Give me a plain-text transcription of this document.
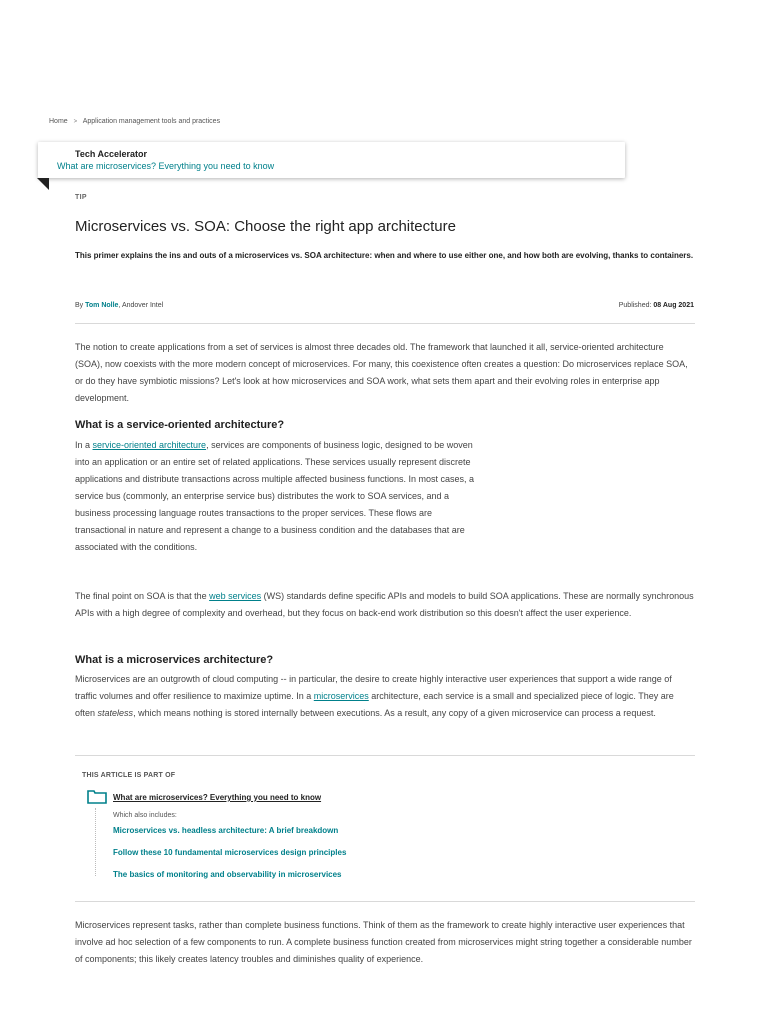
Home > Application management tools and practices
Tech Accelerator
What are microservices? Everything you need to know
TIP
Microservices vs. SOA: Choose the right app architecture
This primer explains the ins and outs of a microservices vs. SOA architecture: when and where to use either one, and how both are evolving, thanks to containers.
By Tom Nolle, Andover Intel	Published: 08 Aug 2021

The notion to create applications from a set of services is almost three decades old. The framework that launched it all, service-oriented architecture (SOA), now coexists with the more modern concept of microservices. For many, this coexistence often creates a question: Do microservices replace SOA, or do they have symbiotic missions? Let's look at how microservices and SOA work, what sets them apart and their evolving roles in enterprise app development.

What is a service-oriented architecture?

In a service-oriented architecture, services are components of business logic, designed to be woven into an application or an entire set of related applications. These services usually represent discrete applications and distribute transactions across multiple affected business functions. In most cases, a service bus (commonly, an enterprise service bus) distributes the work to SOA services, and a business processing language routes transactions to the proper services. These flows are transactional in nature and represent a change to a business condition and the databases that are associated with the conditions.

The final point on SOA is that the web services (WS) standards define specific APIs and models to build SOA applications. These are normally synchronous APIs with a high degree of complexity and overhead, but they focus on back-end work distribution so this doesn't affect the user experience.

What is a microservices architecture?

Microservices are an outgrowth of cloud computing -- in particular, the desire to create highly interactive user experiences that support a wide range of traffic volumes and offer resilience to maximize uptime. In a microservices architecture, each service is a small and specialized piece of logic. They are often stateless, which means nothing is stored internally between executions. As a result, any copy of a given microservice can process a request.

THIS ARTICLE IS PART OF
What are microservices? Everything you need to know
Which also includes:
Microservices vs. headless architecture: A brief breakdown
Follow these 10 fundamental microservices design principles
The basics of monitoring and observability in microservices

Microservices represent tasks, rather than complete business functions. Think of them as the framework to create highly interactive user experiences that involve ad hoc selection of a few components to run. A complete business function created from microservices might string together a considerable number of components; this likely creates latency troubles and diminishes quality of experience.
